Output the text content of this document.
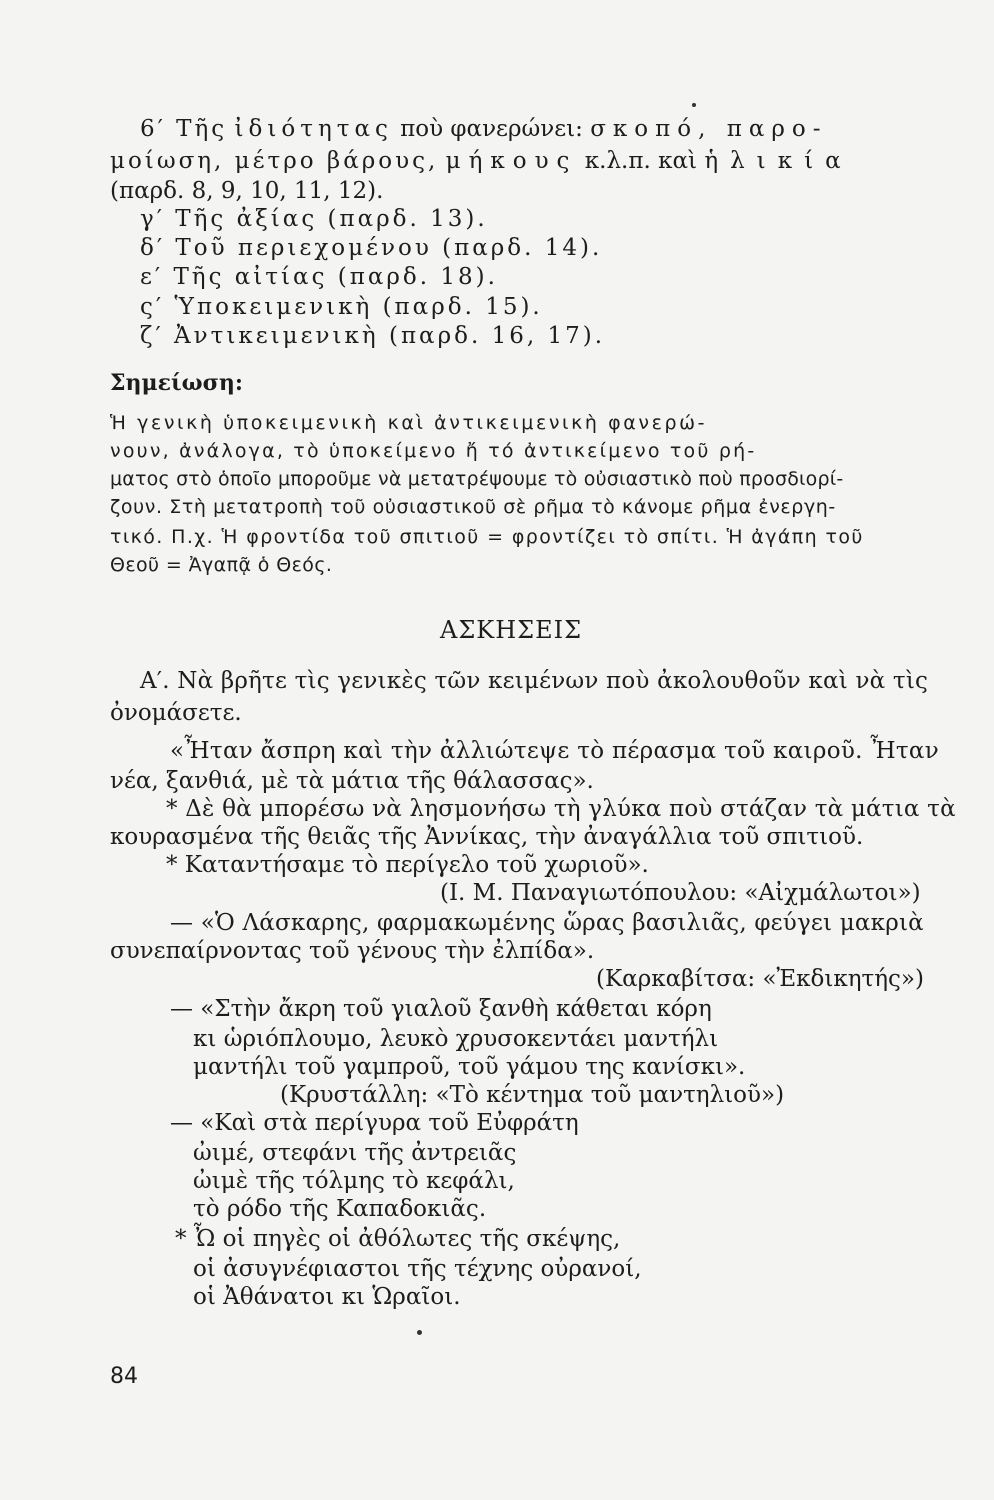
6′ Τῆς ἰδιότητας ποὺ φανερώνει: σκοπό, παρο-
μοίωση, μέτρο βάρους, μήκους κ.λ.π. καὶ ἡλικία
(παρδ. 8, 9, 10, 11, 12).
γ′ Τῆς ἀξίας (παρδ. 13).
δ′ Τοῦ περιεχομένου (παρδ. 14).
ε′ Τῆς αἰτίας (παρδ. 18).
ς′ Ὑποκειμενικὴ (παρδ. 15).
ζ′ Ἀντικειμενικὴ (παρδ. 16, 17).
Σημείωση:
Ἡ γενικὴ ὑποκειμενικὴ καὶ ἀντικειμενικὴ φανερώ-
νουν, ἀνάλογα, τὸ ὑποκείμενο ἤ τό ἀντικείμενο τοῦ ρή-
ματος στὸ ὁποῖο μποροῦμε νὰ μετατρέψουμε τὸ οὐσιαστικὸ ποὺ προσδιορί-
ζουν. Στὴ μετατροπὴ τοῦ οὐσιαστικοῦ σὲ ρῆμα τὸ κάνομε ρῆμα ἐνεργη-
τικό. Π.χ. Ἡ φροντίδα τοῦ σπιτιοῦ = φροντίζει τὸ σπίτι. Ἡ ἀγάπη τοῦ
Θεοῦ = Ἀγαπᾷ ὁ Θεός.
ΑΣΚΗΣΕΙΣ
Α′. Νὰ βρῆτε τὶς γενικὲς τῶν κειμένων ποὺ ἀκολουθοῦν καὶ νὰ τὶς
ὀνομάσετε.
«Ἦταν ἄσπρη καὶ τὴν ἀλλιώτεψε τὸ πέρασμα τοῦ καιροῦ. Ἦταν
νέα, ξανθιά, μὲ τὰ μάτια τῆς θάλασσας».
* Δὲ θὰ μπορέσω νὰ λησμονήσω τὴ γλύκα ποὺ στάζαν τὰ μάτια τὰ
κουρασμένα τῆς θειᾶς τῆς Ἀννίκας, τὴν ἀναγάλλια τοῦ σπιτιοῦ.
* Καταντήσαμε τὸ περίγελο τοῦ χωριοῦ».
(Ι. Μ. Παναγιωτόπουλου: «Αἰχμάλωτοι»)
— «Ὁ Λάσκαρης, φαρμακωμένης ὥρας βασιλιᾶς, φεύγει μακριὰ
συνεπαίρνοντας τοῦ γένους τὴν ἐλπίδα».
(Καρκαβίτσα: «Ἐκδικητής»)
— «Στὴν ἄκρη τοῦ γιαλοῦ ξανθὴ κάθεται κόρη
κι ὡριόπλουμο, λευκὸ χρυσοκεντάει μαντήλι
μαντήλι τοῦ γαμπροῦ, τοῦ γάμου της κανίσκι».
(Κρυστάλλη: «Τὸ κέντημα τοῦ μαντηλιοῦ»)
— «Καὶ στὰ περίγυρα τοῦ Εὐφράτη
ὠιμέ, στεφάνι τῆς ἀντρειᾶς
ὠιμὲ τῆς τόλμης τὸ κεφάλι,
τὸ ρόδο τῆς Καπαδοκιᾶς.
* Ὦ οἱ πηγὲς οἱ ἀθόλωτες τῆς σκέψης,
οἱ ἀσυγνέφιαστοι τῆς τέχνης οὐρανοί,
οἱ Ἀθάνατοι κι Ὡραῖοι.
84
